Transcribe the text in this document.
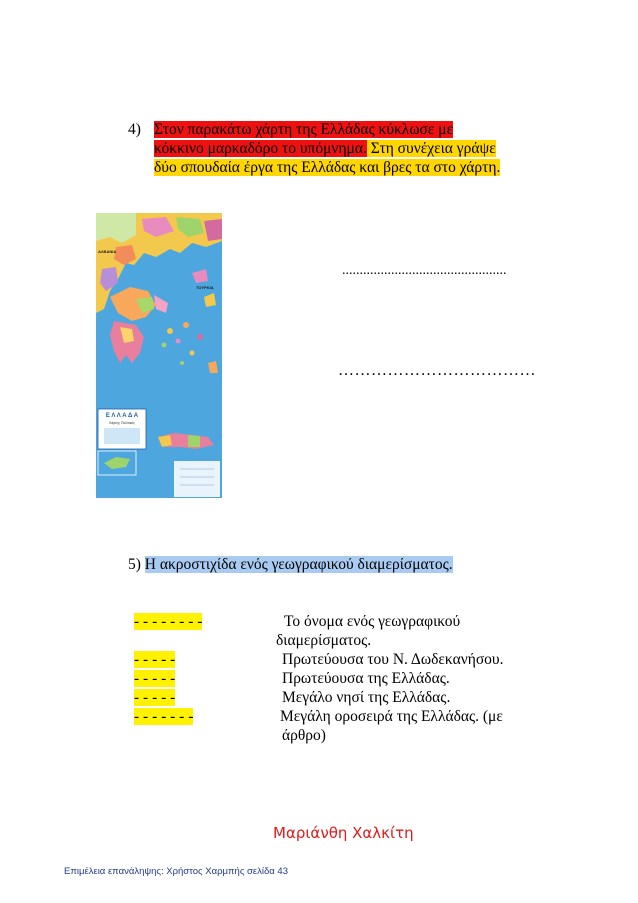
4) Στον παρακάτω χάρτη της Ελλάδας κύκλωσε με
κόκκινο μαρκαδόρο το υπόμνημα. Στη συνέχεια γράψε
δύο σπουδαία έργα της Ελλάδας και βρες τα στο χάρτη.
Ε Λ Λ Α Δ Α
Χάρτης Πολιτικός
ΑΛΒΑΝΙΑ
ΤΟΥΡΚΙΑ
...............................................
………………………………
5) Η ακροστιχίδα ενός γεωγραφικού διαμερίσματος.
- - - - - - - -	Το όνομα ενός γεωγραφικού
διαμερίσματος.
- - - - -	Πρωτεύουσα του Ν. Δωδεκανήσου.
- - - - -	Πρωτεύουσα της Ελλάδας.
- - - - -	Μεγάλο νησί της Ελλάδας.
- - - - - - -	Μεγάλη οροσειρά της Ελλάδας. (με
άρθρο)
Μαριάνθη Χαλκίτη
Επιμέλεια επανάληψης: Χρήστος Χαρμπής σελίδα 43
